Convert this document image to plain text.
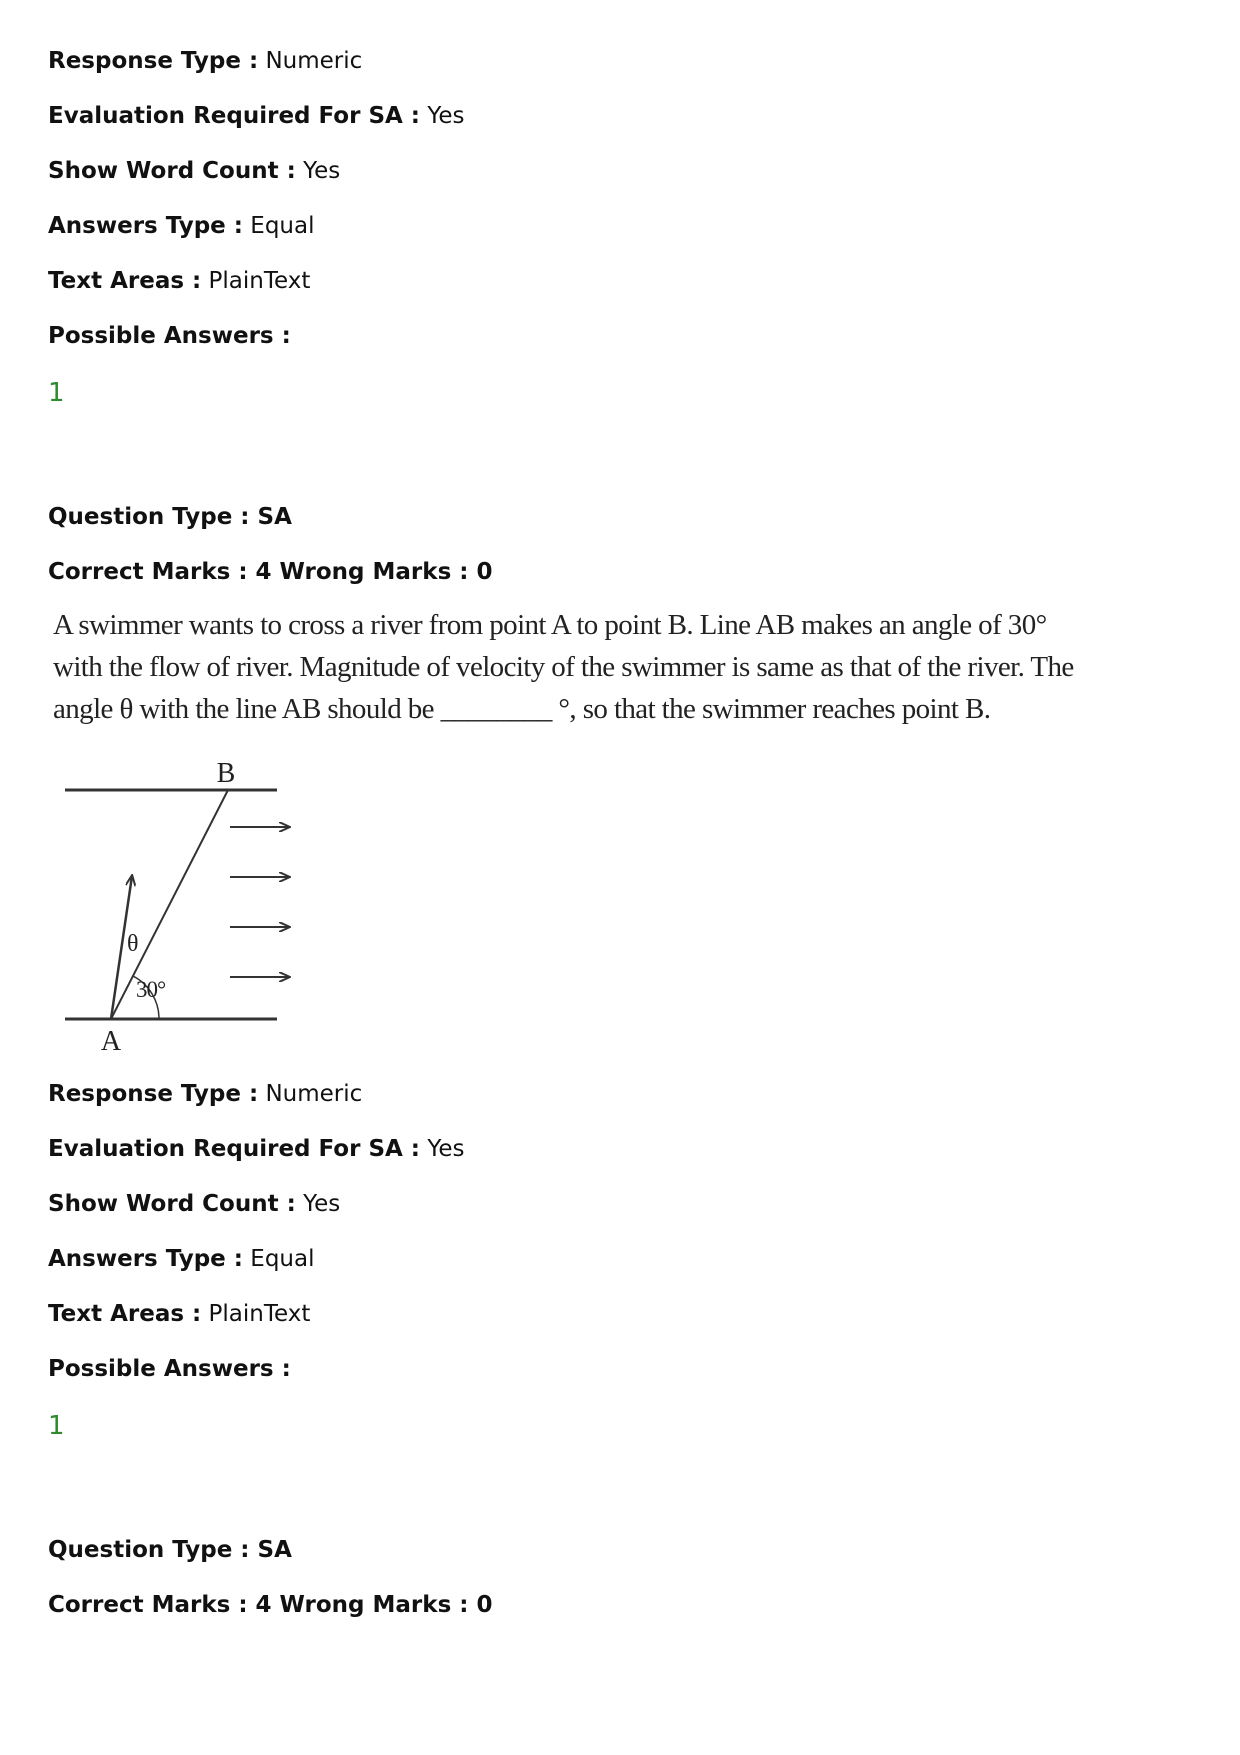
Response Type : Numeric
Evaluation Required For SA : Yes
Show Word Count : Yes
Answers Type : Equal
Text Areas : PlainText
Possible Answers :
1
Question Type : SA
Correct Marks : 4 Wrong Marks : 0
A swimmer wants to cross a river from point A to point B. Line AB makes an angle of 30°
with the flow of river. Magnitude of velocity of the swimmer is same as that of the river. The
angle θ with the line AB should be ________ °, so that the swimmer reaches point B.
B
A
θ
30°
Response Type : Numeric
Evaluation Required For SA : Yes
Show Word Count : Yes
Answers Type : Equal
Text Areas : PlainText
Possible Answers :
1
Question Type : SA
Correct Marks : 4 Wrong Marks : 0
